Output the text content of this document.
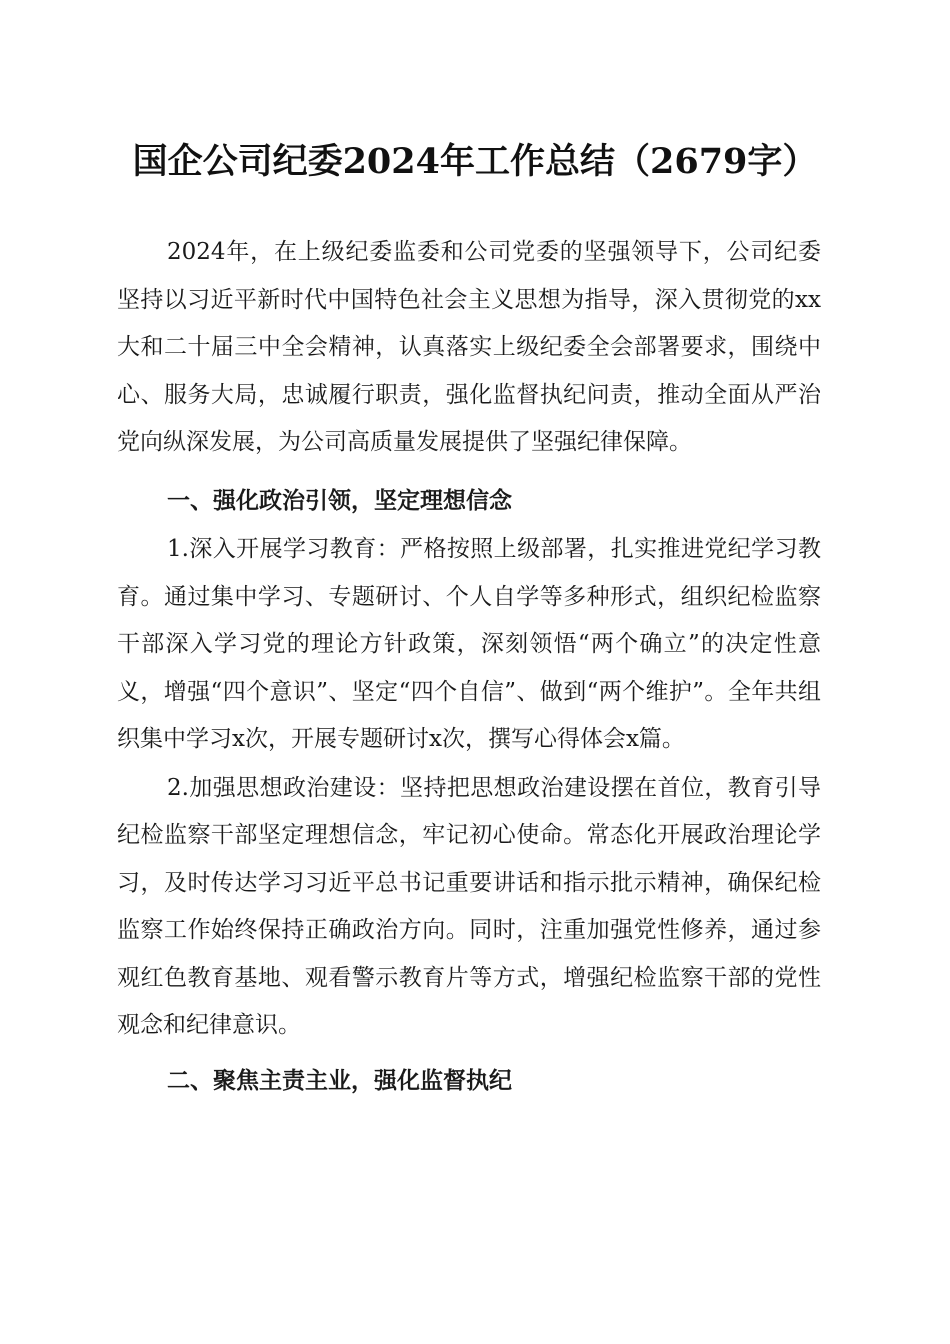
国企公司纪委2024年工作总结（2679字）

2024年，在上级纪委监委和公司党委的坚强领导下，公司纪委坚持以习近平新时代中国特色社会主义思想为指导，深入贯彻党的xx大和二十届三中全会精神，认真落实上级纪委全会部署要求，围绕中心、服务大局，忠诚履行职责，强化监督执纪问责，推动全面从严治党向纵深发展，为公司高质量发展提供了坚强纪律保障。

一、强化政治引领，坚定理想信念

1.深入开展学习教育：严格按照上级部署，扎实推进党纪学习教育。通过集中学习、专题研讨、个人自学等多种形式，组织纪检监察干部深入学习党的理论方针政策，深刻领悟“两个确立”的决定性意义，增强“四个意识”、坚定“四个自信”、做到“两个维护”。全年共组织集中学习x次，开展专题研讨x次，撰写心得体会x篇。

2.加强思想政治建设：坚持把思想政治建设摆在首位，教育引导纪检监察干部坚定理想信念，牢记初心使命。常态化开展政治理论学习，及时传达学习习近平总书记重要讲话和指示批示精神，确保纪检监察工作始终保持正确政治方向。同时，注重加强党性修养，通过参观红色教育基地、观看警示教育片等方式，增强纪检监察干部的党性观念和纪律意识。

二、聚焦主责主业，强化监督执纪
